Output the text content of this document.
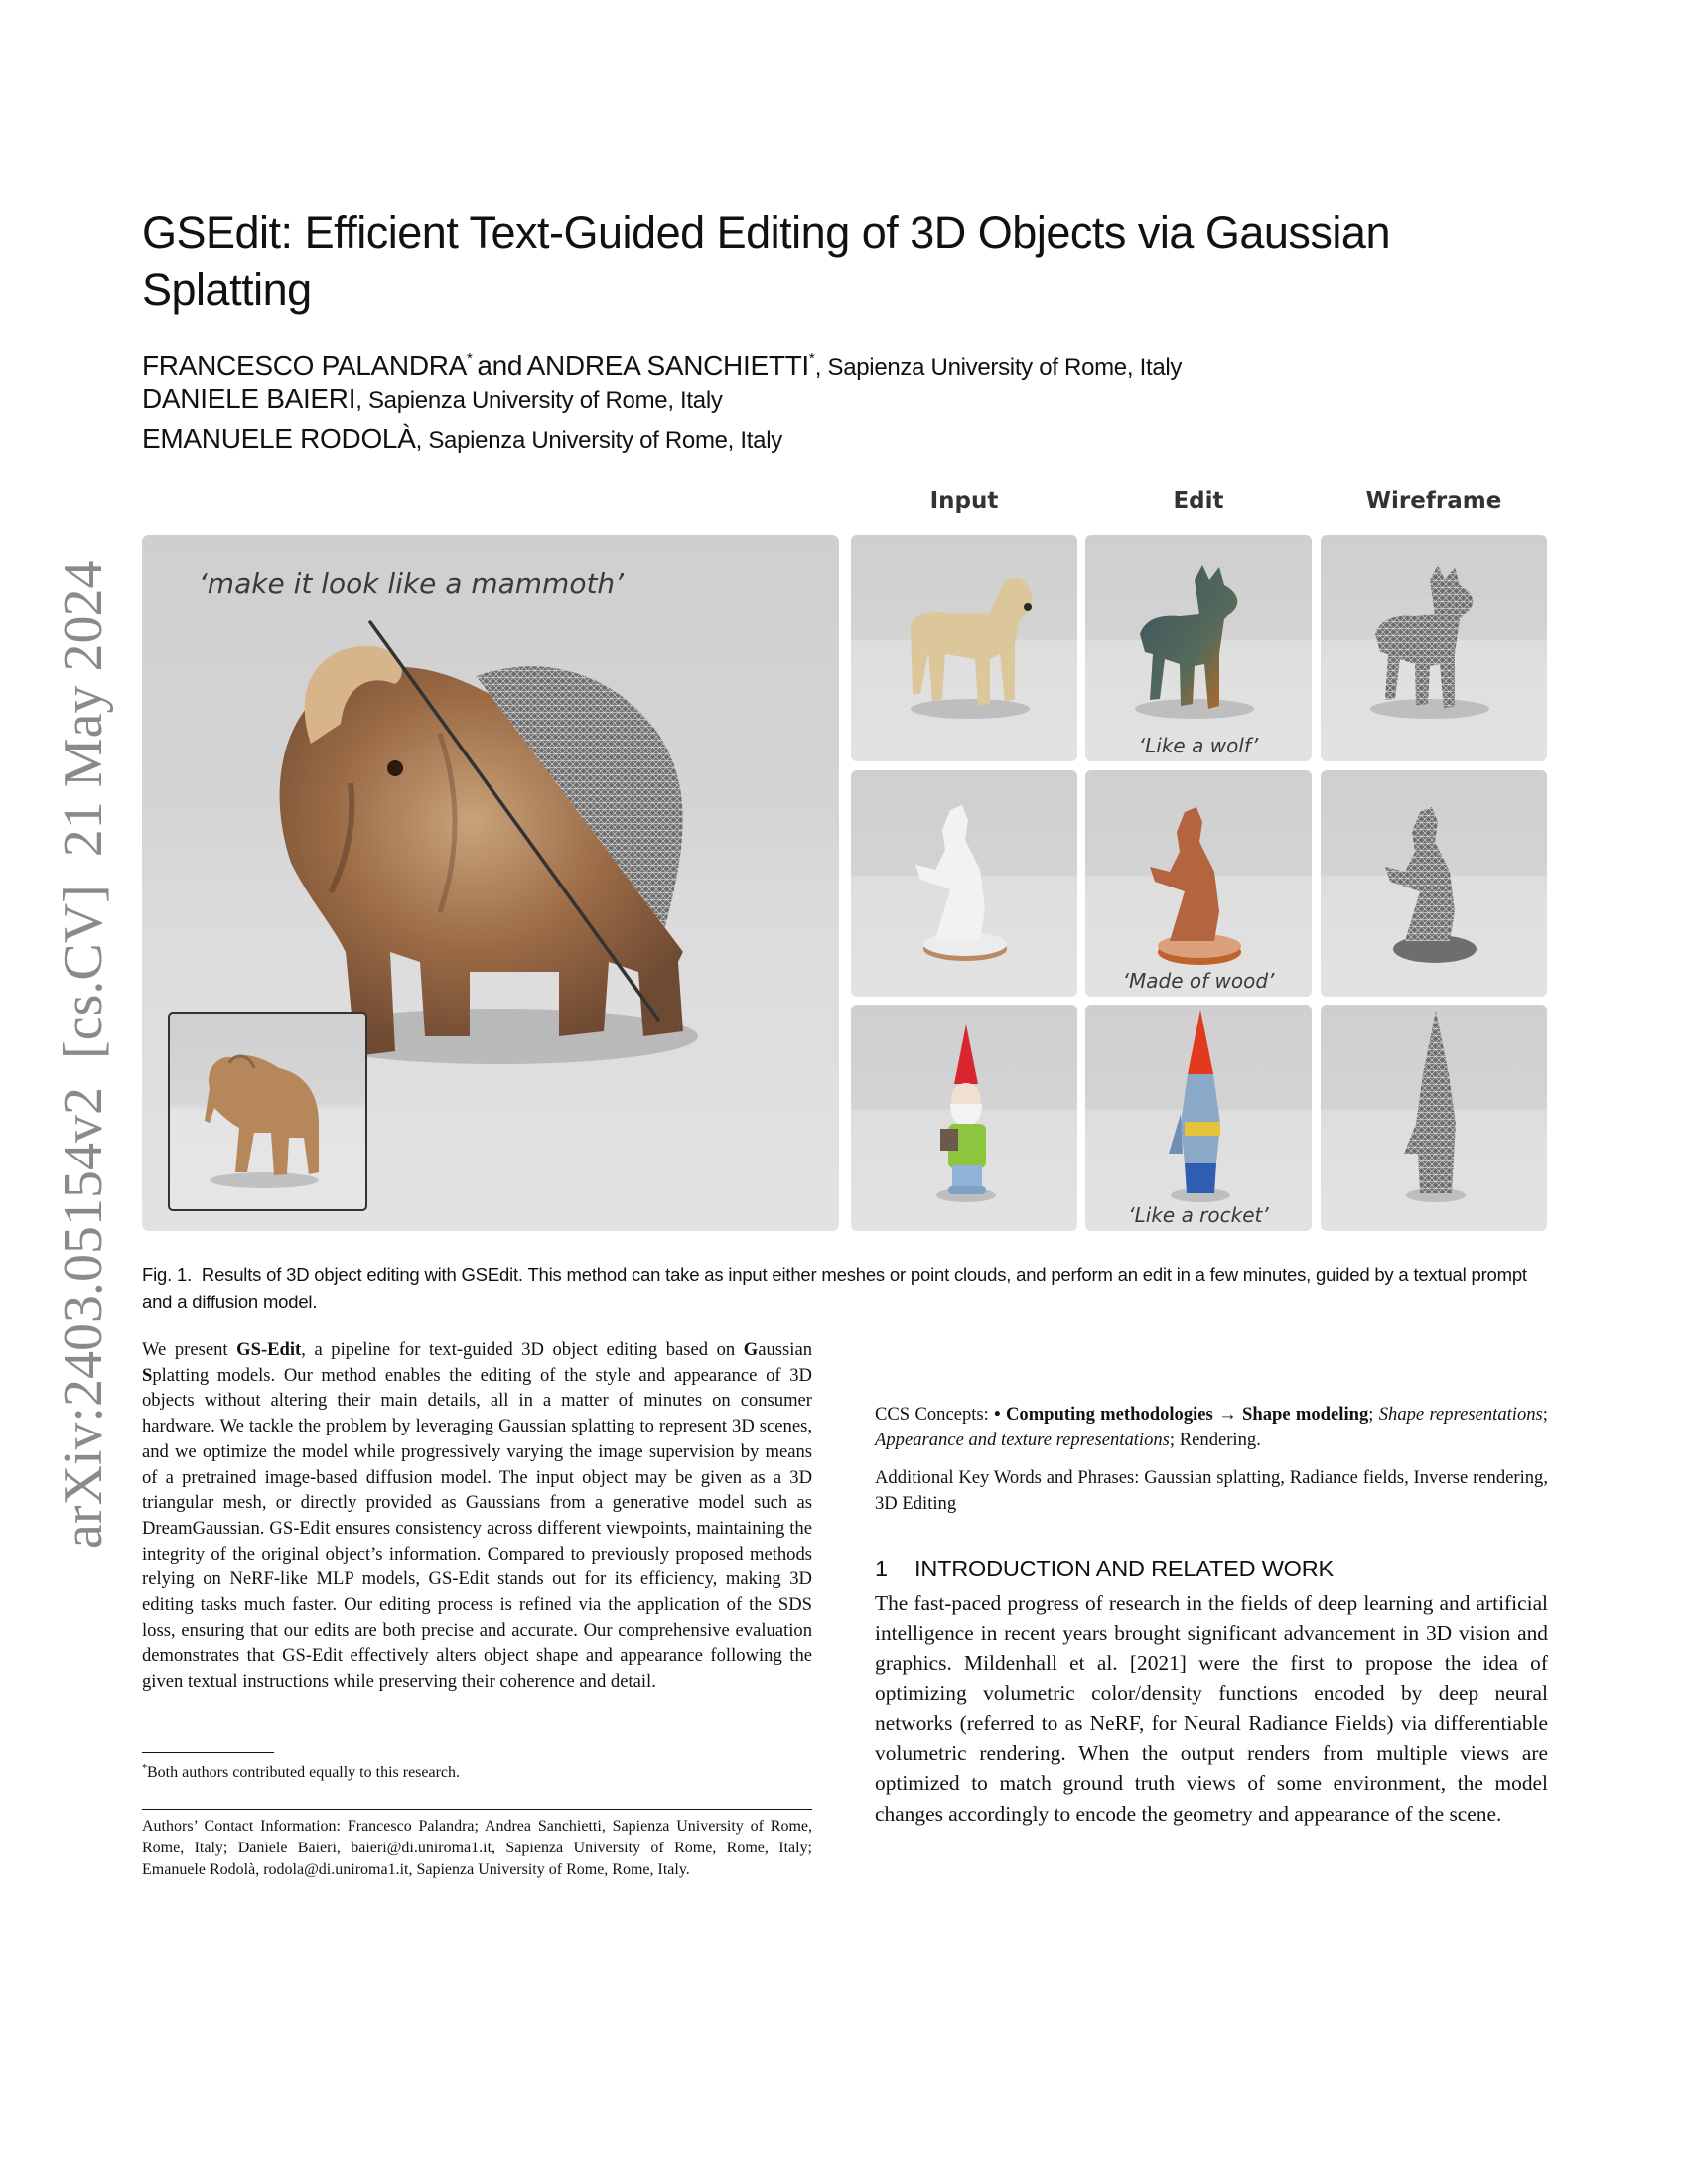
arXiv:2403.05154v2  [cs.CV]  21 May 2024
GSEdit: Efficient Text-Guided Editing of 3D Objects via Gaussian Splatting
FRANCESCO PALANDRA* and ANDREA SANCHIETTI*, Sapienza University of Rome, Italy
DANIELE BAIERI, Sapienza University of Rome, Italy
EMANUELE RODOLÀ, Sapienza University of Rome, Italy
Input	Edit	Wireframe
‘make it look like a mammoth’
‘Like a wolf’
‘Made of wood’
‘Like a rocket’
Fig. 1. Results of 3D object editing with GSEdit. This method can take as input either meshes or point clouds, and perform an edit in a few minutes, guided by a textual prompt and a diffusion model.

We present GS-Edit, a pipeline for text-guided 3D object editing based on Gaussian Splatting models. Our method enables the editing of the style and appearance of 3D objects without altering their main details, all in a matter of minutes on consumer hardware. We tackle the problem by leveraging Gaussian splatting to represent 3D scenes, and we optimize the model while progressively varying the image supervision by means of a pretrained image-based diffusion model. The input object may be given as a 3D triangular mesh, or directly provided as Gaussians from a generative model such as DreamGaussian. GS-Edit ensures consistency across different viewpoints, maintaining the integrity of the original object’s information. Compared to previously proposed methods relying on NeRF-like MLP models, GS-Edit stands out for its efficiency, making 3D editing tasks much faster. Our editing process is refined via the application of the SDS loss, ensuring that our edits are both precise and accurate. Our comprehensive evaluation demonstrates that GS-Edit effectively alters object shape and appearance following the given textual instructions while preserving their coherence and detail.

*Both authors contributed equally to this research.
Authors’ Contact Information: Francesco Palandra; Andrea Sanchietti, Sapienza University of Rome, Rome, Italy; Daniele Baieri, baieri@di.uniroma1.it, Sapienza University of Rome, Rome, Italy; Emanuele Rodolà, rodola@di.uniroma1.it, Sapienza University of Rome, Rome, Italy.

CCS Concepts: • Computing methodologies → Shape modeling; Shape representations; Appearance and texture representations; Rendering.

Additional Key Words and Phrases: Gaussian splatting, Radiance fields, Inverse rendering, 3D Editing

1 INTRODUCTION AND RELATED WORK

The fast-paced progress of research in the fields of deep learning and artificial intelligence in recent years brought significant advancement in 3D vision and graphics. Mildenhall et al. [2021] were the first to propose the idea of optimizing volumetric color/density functions encoded by deep neural networks (referred to as NeRF, for Neural Radiance Fields) via differentiable volumetric rendering. When the output renders from multiple views are optimized to match ground truth views of some environment, the model changes accordingly to encode the geometry and appearance of the scene.
